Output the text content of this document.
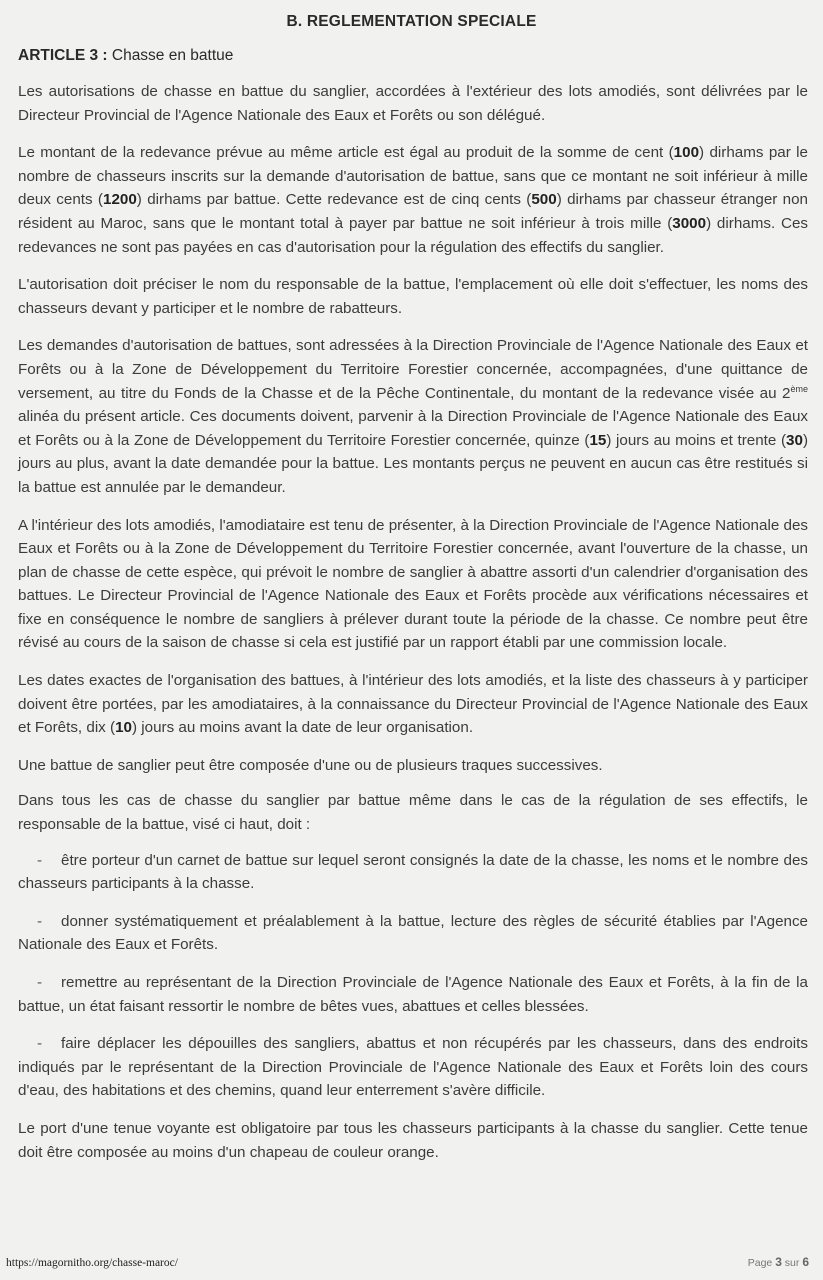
B. REGLEMENTATION SPECIALE
ARTICLE 3 : Chasse en battue

Les autorisations de chasse en battue du sanglier, accordées à l'extérieur des lots amodiés, sont délivrées par le Directeur Provincial de l'Agence Nationale des Eaux et Forêts ou son délégué.

Le montant de la redevance prévue au même article est égal au produit de la somme de cent (100) dirhams par le nombre de chasseurs inscrits sur la demande d'autorisation de battue, sans que ce montant ne soit inférieur à mille deux cents (1200) dirhams par battue. Cette redevance est de cinq cents (500) dirhams par chasseur étranger non résident au Maroc, sans que le montant total à payer par battue ne soit inférieur à trois mille (3000) dirhams. Ces redevances ne sont pas payées en cas d'autorisation pour la régulation des effectifs du sanglier.

L'autorisation doit préciser le nom du responsable de la battue, l'emplacement où elle doit s'effectuer, les noms des chasseurs devant y participer et le nombre de rabatteurs.

Les demandes d'autorisation de battues, sont adressées à la Direction Provinciale de l'Agence Nationale des Eaux et Forêts ou à la Zone de Développement du Territoire Forestier concernée, accompagnées, d'une quittance de versement, au titre du Fonds de la Chasse et de la Pêche Continentale, du montant de la redevance visée au 2ème alinéa du présent article. Ces documents doivent, parvenir à la Direction Provinciale de l'Agence Nationale des Eaux et Forêts ou à la Zone de Développement du Territoire Forestier concernée, quinze (15) jours au moins et trente (30) jours au plus, avant la date demandée pour la battue. Les montants perçus ne peuvent en aucun cas être restitués si la battue est annulée par le demandeur.

A l'intérieur des lots amodiés, l'amodiataire est tenu de présenter, à la Direction Provinciale de l'Agence Nationale des Eaux et Forêts ou à la Zone de Développement du Territoire Forestier concernée, avant l'ouverture de la chasse, un plan de chasse de cette espèce, qui prévoit le nombre de sanglier à abattre assorti d'un calendrier d'organisation des battues. Le Directeur Provincial de l'Agence Nationale des Eaux et Forêts procède aux vérifications nécessaires et fixe en conséquence le nombre de sangliers à prélever durant toute la période de la chasse. Ce nombre peut être révisé au cours de la saison de chasse si cela est justifié par un rapport établi par une commission locale.

Les dates exactes de l'organisation des battues, à l'intérieur des lots amodiés, et la liste des chasseurs à y participer doivent être portées, par les amodiataires, à la connaissance du Directeur Provincial de l'Agence Nationale des Eaux et Forêts, dix (10) jours au moins avant la date de leur organisation.

Une battue de sanglier peut être composée d'une ou de plusieurs traques successives.

Dans tous les cas de chasse du sanglier par battue même dans le cas de la régulation de ses effectifs, le responsable de la battue, visé ci haut, doit :

- être porteur d'un carnet de battue sur lequel seront consignés la date de la chasse, les noms et le nombre des chasseurs participants à la chasse.

- donner systématiquement et préalablement à la battue, lecture des règles de sécurité établies par l'Agence Nationale des Eaux et Forêts.

- remettre au représentant de la Direction Provinciale de l'Agence Nationale des Eaux et Forêts, à la fin de la battue, un état faisant ressortir le nombre de bêtes vues, abattues et celles blessées.

- faire déplacer les dépouilles des sangliers, abattus et non récupérés par les chasseurs, dans des endroits indiqués par le représentant de la Direction Provinciale de l'Agence Nationale des Eaux et Forêts loin des cours d'eau, des habitations et des chemins, quand leur enterrement s'avère difficile.

Le port d'une tenue voyante est obligatoire par tous les chasseurs participants à la chasse du sanglier. Cette tenue doit être composée au moins d'un chapeau de couleur orange.

https://magornitho.org/chasse-maroc/	Page 3 sur 6
